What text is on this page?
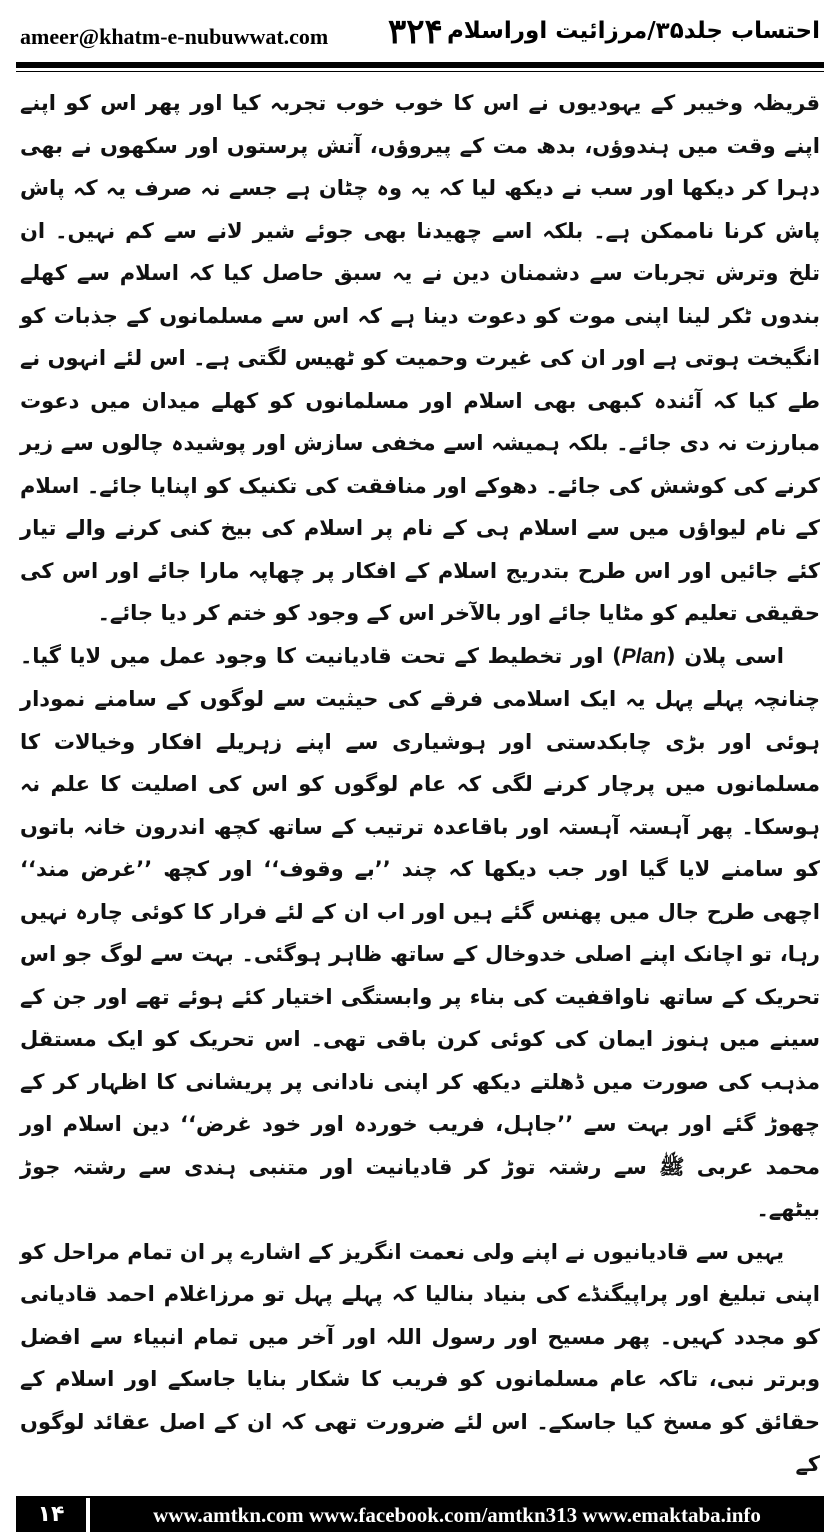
ameer@khatm-e-nubuwwat.com ۳۲۴ احتساب جلد۳۵/مرزائیت اوراسلام

قریظہ وخیبر کے یہودیوں نے اس کا خوب خوب تجربہ کیا اور پھر اس کو اپنے اپنے وقت میں ہندوؤں، بدھ مت کے پیروؤں، آتش پرستوں اور سکھوں نے بھی دہرا کر دیکھا اور سب نے دیکھ لیا کہ یہ وہ چٹان ہے جسے نہ صرف یہ کہ پاش پاش کرنا ناممکن ہے۔ بلکہ اسے چھیدنا بھی جوئے شیر لانے سے کم نہیں۔ ان تلخ وترش تجربات سے دشمنان دین نے یہ سبق حاصل کیا کہ اسلام سے کھلے بندوں ٹکر لینا اپنی موت کو دعوت دینا ہے کہ اس سے مسلمانوں کے جذبات کو انگیخت ہوتی ہے اور ان کی غیرت وحمیت کو ٹھیس لگتی ہے۔ اس لئے انہوں نے طے کیا کہ آئندہ کبھی بھی اسلام اور مسلمانوں کو کھلے میدان میں دعوت مبارزت نہ دی جائے۔ بلکہ ہمیشہ اسے مخفی سازش اور پوشیدہ چالوں سے زیر کرنے کی کوشش کی جائے۔ دھوکے اور منافقت کی تکنیک کو اپنایا جائے۔ اسلام کے نام لیواؤں میں سے اسلام ہی کے نام پر اسلام کی بیخ کنی کرنے والے تیار کئے جائیں اور اس طرح بتدریج اسلام کے افکار پر چھاپہ مارا جائے اور اس کی حقیقی تعلیم کو مٹایا جائے اور بالآخر اس کے وجود کو ختم کر دیا جائے۔

اسی پلان (Plan) اور تخطیط کے تحت قادیانیت کا وجود عمل میں لایا گیا۔ چنانچہ پہلے پہل یہ ایک اسلامی فرقے کی حیثیت سے لوگوں کے سامنے نمودار ہوئی اور بڑی چابکدستی اور ہوشیاری سے اپنے زہریلے افکار وخیالات کا مسلمانوں میں پرچار کرنے لگی کہ عام لوگوں کو اس کی اصلیت کا علم نہ ہوسکا۔ پھر آہستہ آہستہ اور باقاعدہ ترتیب کے ساتھ کچھ اندرون خانہ باتوں کو سامنے لایا گیا اور جب دیکھا کہ چند ’’بے وقوف‘‘ اور کچھ ’’غرض مند‘‘ اچھی طرح جال میں پھنس گئے ہیں اور اب ان کے لئے فرار کا کوئی چارہ نہیں رہا، تو اچانک اپنے اصلی خدوخال کے ساتھ ظاہر ہوگئی۔ بہت سے لوگ جو اس تحریک کے ساتھ ناواقفیت کی بناء پر وابستگی اختیار کئے ہوئے تھے اور جن کے سینے میں ہنوز ایمان کی کوئی کرن باقی تھی۔ اس تحریک کو ایک مستقل مذہب کی صورت میں ڈھلتے دیکھ کر اپنی نادانی پر پریشانی کا اظہار کر کے چھوڑ گئے اور بہت سے ’’جاہل، فریب خوردہ اور خود غرض‘‘ دین اسلام اور محمد عربی ﷺ سے رشتہ توڑ کر قادیانیت اور متنبی ہندی سے رشتہ جوڑ بیٹھے۔

یہیں سے قادیانیوں نے اپنے ولی نعمت انگریز کے اشارے پر ان تمام مراحل کو اپنی تبلیغ اور پراپیگنڈے کی بنیاد بنالیا کہ پہلے پہل تو مرزاغلام احمد قادیانی کو مجدد کہیں۔ پھر مسیح اور رسول اللہ اور آخر میں تمام انبیاء سے افضل وبرتر نبی، تاکہ عام مسلمانوں کو فریب کا شکار بنایا جاسکے اور اسلام کے حقائق کو مسخ کیا جاسکے۔ اس لئے ضرورت تھی کہ ان کے اصل عقائد لوگوں کے

۱۴	www.amtkn.com www.facebook.com/amtkn313 www.emaktaba.info
